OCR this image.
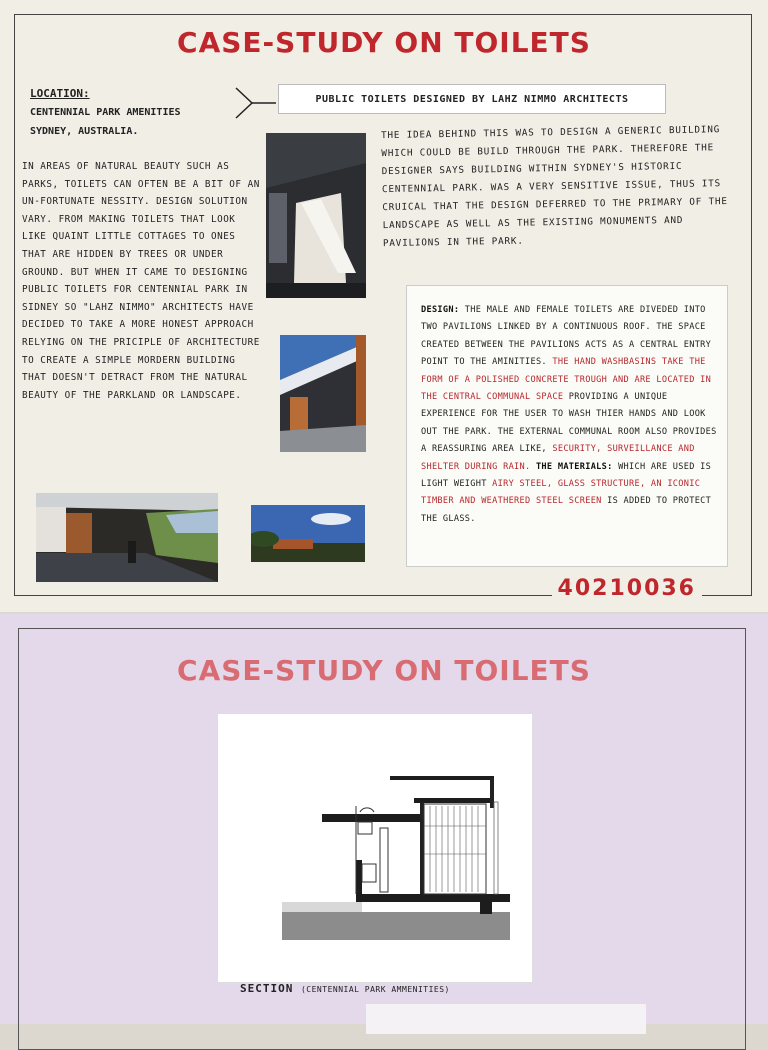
CASE-STUDY ON TOILETS
LOCATION:
CENTENNIAL PARK AMENITIES
SYDNEY, AUSTRALIA.
PUBLIC TOILETS DESIGNED BY LAHZ NIMMO ARCHITECTS
IN AREAS OF NATURAL BEAUTY SUCH AS PARKS, TOILETS CAN OFTEN BE A BIT OF AN UN-FORTUNATE NESSITY. DESIGN SOLUTION VARY. FROM MAKING TOILETS THAT LOOK LIKE QUAINT LITTLE COTTAGES TO ONES THAT ARE HIDDEN BY TREES OR UNDER GROUND. BUT WHEN IT CAME TO DESIGNING PUBLIC TOILETS FOR CENTENNIAL PARK IN SIDNEY SO "LAHZ NIMMO" ARCHITECTS HAVE DECIDED TO TAKE A MORE HONEST APPROACH RELYING ON THE PRICIPLE OF ARCHITECTURE TO CREATE A SIMPLE MORDERN BUILDING THAT DOESN'T DETRACT FROM THE NATURAL BEAUTY OF THE PARKLAND OR LANDSCAPE.
THE IDEA BEHIND THIS WAS TO DESIGN A GENERIC BUILDING WHICH COULD BE BUILD THROUGH THE PARK. THEREFORE THE DESIGNER SAYS BUILDING WITHIN SYDNEY'S HISTORIC CENTENNIAL PARK. WAS A VERY SENSITIVE ISSUE, THUS ITS CRUICAL THAT THE DESIGN DEFERRED TO THE PRIMARY OF THE LANDSCAPE AS WELL AS THE EXISTING MONUMENTS AND PAVILIONS IN THE PARK.
DESIGN: THE MALE AND FEMALE TOILETS ARE DIVEDED INTO TWO PAVILIONS LINKED BY A CONTINUOUS ROOF. THE SPACE CREATED BETWEEN THE PAVILIONS ACTS AS A CENTRAL ENTRY POINT TO THE AMINITIES. THE HAND WASHBASINS TAKE THE FORM OF A POLISHED CONCRETE TROUGH AND ARE LOCATED IN THE CENTRAL COMMUNAL SPACE PROVIDING A UNIQUE EXPERIENCE FOR THE USER TO WASH THIER HANDS AND LOOK OUT THE PARK. THE EXTERNAL COMMUNAL ROOM ALSO PROVIDES A REASSURING AREA LIKE, SECURITY, SURVEILLANCE AND SHELTER DURING RAIN. THE MATERIALS: WHICH ARE USED IS LIGHT WEIGHT AIRY STEEL, GLASS STRUCTURE, AN ICONIC TIMBER AND WEATHERED STEEL SCREEN IS ADDED TO PROTECT THE GLASS.
40210036
CASE-STUDY ON TOILETS
SECTION (CENTENNIAL PARK AMMENITIES)
